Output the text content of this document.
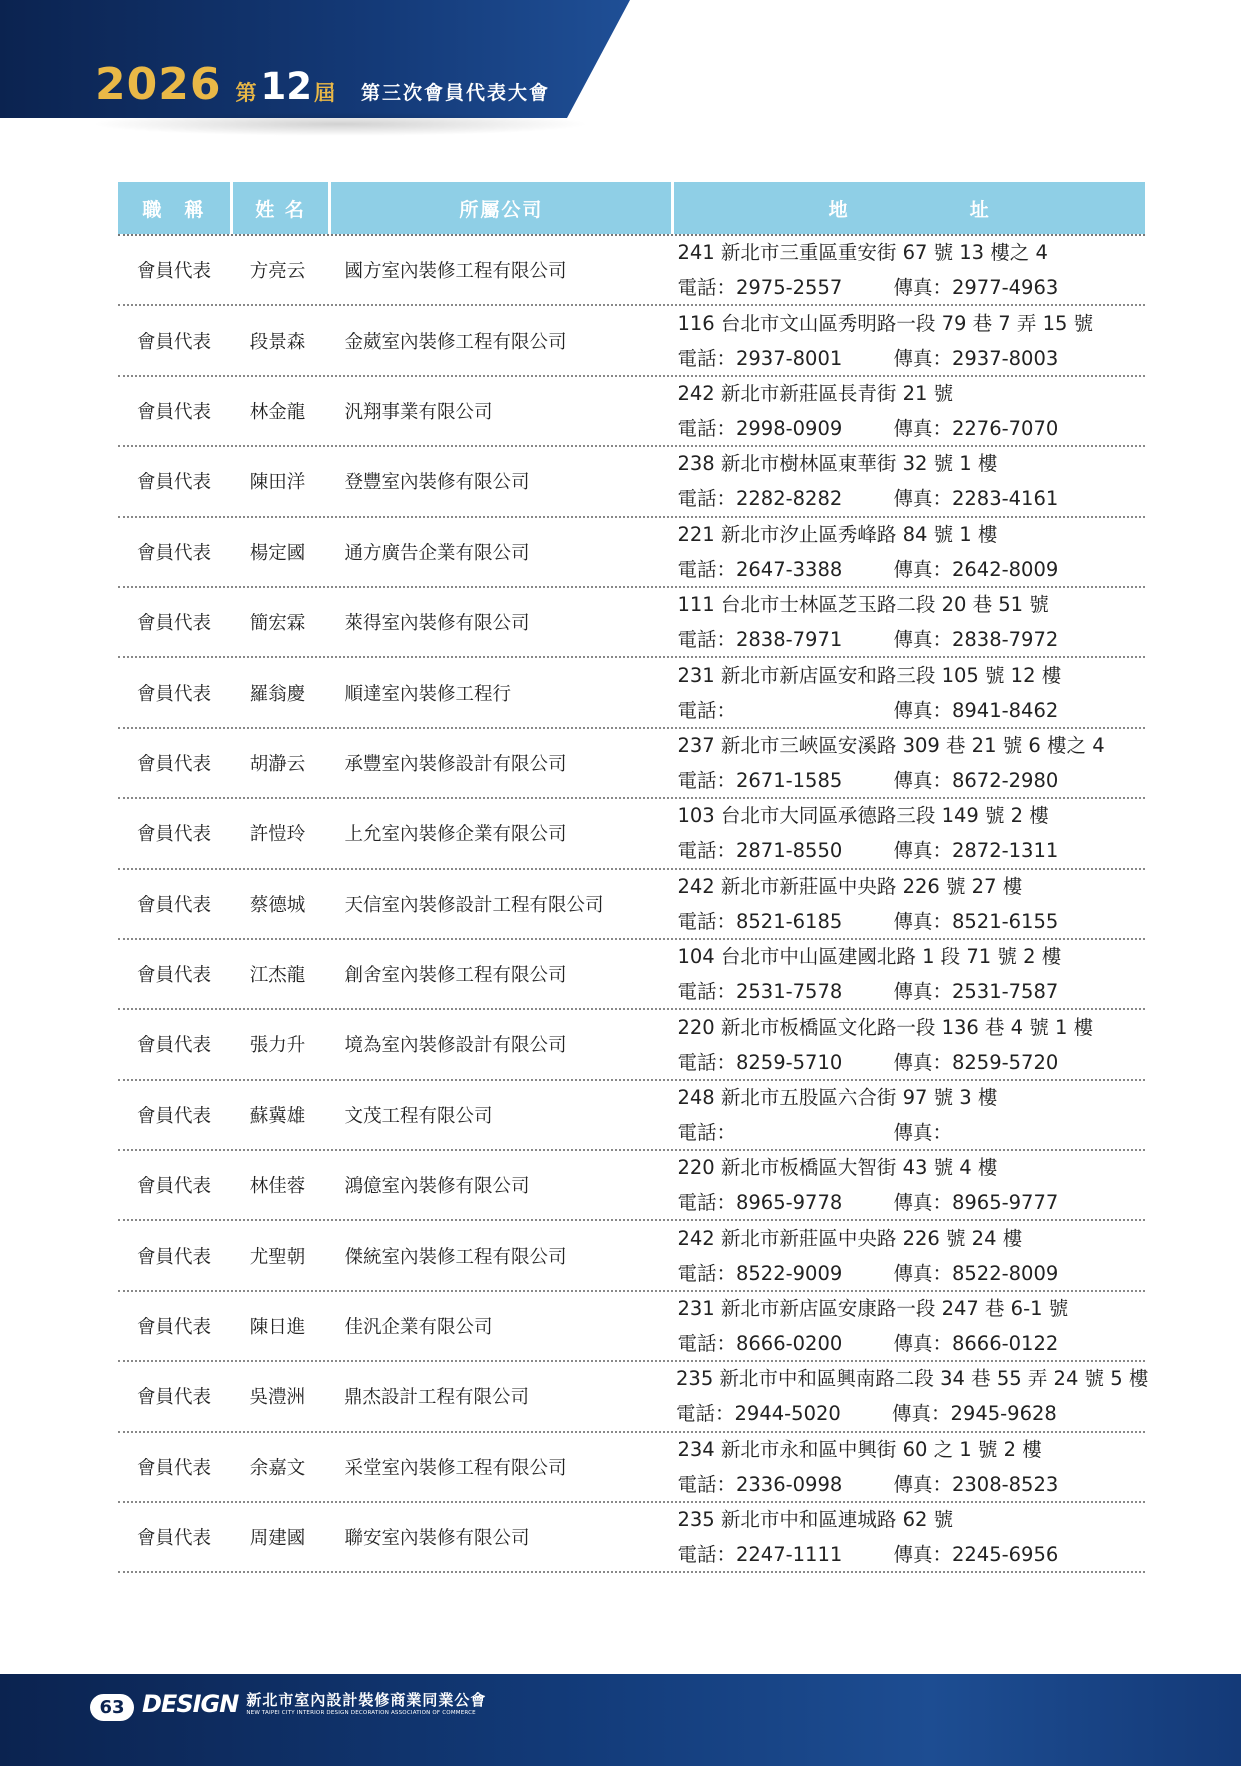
2026 第 12 屆 第三次會員代表大會
職　稱	姓 名	所屬公司	地	址
會員代表	方亮云	國方室內裝修工程有限公司
241 新北市三重區重安街 67 號 13 樓之 4
電話：2975-2557	傳真：2977-4963
會員代表	段景森	金葳室內裝修工程有限公司
116 台北市文山區秀明路一段 79 巷 7 弄 15 號
電話：2937-8001	傳真：2937-8003
會員代表	林金龍	汎翔事業有限公司
242 新北市新莊區長青街 21 號
電話：2998-0909	傳真：2276-7070
會員代表	陳田洋	登豐室內裝修有限公司
238 新北市樹林區東華街 32 號 1 樓
電話：2282-8282	傳真：2283-4161
會員代表	楊定國	通方廣告企業有限公司
221 新北市汐止區秀峰路 84 號 1 樓
電話：2647-3388	傳真：2642-8009
會員代表	簡宏霖	萊得室內裝修有限公司
111 台北市士林區芝玉路二段 20 巷 51 號
電話：2838-7971	傳真：2838-7972
會員代表	羅翁慶	順達室內裝修工程行
231 新北市新店區安和路三段 105 號 12 樓
電話：	傳真：8941-8462
會員代表	胡瀞云	承豐室內裝修設計有限公司
237 新北市三峽區安溪路 309 巷 21 號 6 樓之 4
電話：2671-1585	傳真：8672-2980
會員代表	許愷玲	上允室內裝修企業有限公司
103 台北市大同區承德路三段 149 號 2 樓
電話：2871-8550	傳真：2872-1311
會員代表	蔡德城	天信室內裝修設計工程有限公司
242 新北市新莊區中央路 226 號 27 樓
電話：8521-6185	傳真：8521-6155
會員代表	江杰龍	創舍室內裝修工程有限公司
104 台北市中山區建國北路 1 段 71 號 2 樓
電話：2531-7578	傳真：2531-7587
會員代表	張力升	境為室內裝修設計有限公司
220 新北市板橋區文化路一段 136 巷 4 號 1 樓
電話：8259-5710	傳真：8259-5720
會員代表	蘇冀雄	文茂工程有限公司
248 新北市五股區六合街 97 號 3 樓
電話：	傳真：
會員代表	林佳蓉	鴻億室內裝修有限公司
220 新北市板橋區大智街 43 號 4 樓
電話：8965-9778	傳真：8965-9777
會員代表	尤聖朝	傑統室內裝修工程有限公司
242 新北市新莊區中央路 226 號 24 樓
電話：8522-9009	傳真：8522-8009
會員代表	陳日進	佳汎企業有限公司
231 新北市新店區安康路一段 247 巷 6-1 號
電話：8666-0200	傳真：8666-0122
會員代表	吳澧洲	鼎杰設計工程有限公司
235 新北市中和區興南路二段 34 巷 55 弄 24 號 5 樓
電話：2944-5020	傳真：2945-9628
會員代表	余嘉文	采堂室內裝修工程有限公司
234 新北市永和區中興街 60 之 1 號 2 樓
電話：2336-0998	傳真：2308-8523
會員代表	周建國	聯安室內裝修有限公司
235 新北市中和區連城路 62 號
電話：2247-1111	傳真：2245-6956
63 DESIGN 新北市室內設計裝修商業同業公會
NEW TAIPEI CITY INTERIOR DESIGN DECORATION ASSOCIATION OF COMMERCE
